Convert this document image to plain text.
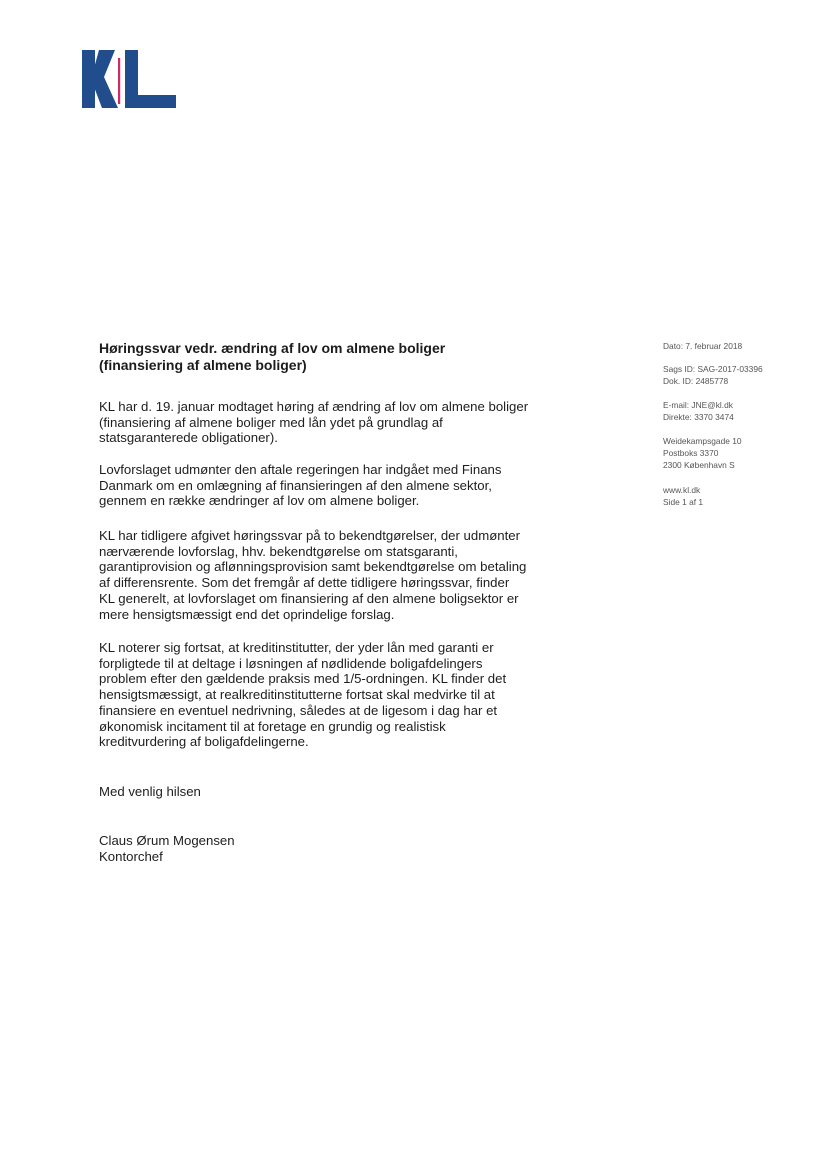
Høringssvar vedr. ændring af lov om almene boliger
(finansiering af almene boliger)
KL har d. 19. januar modtaget høring af ændring af lov om almene boliger
(finansiering af almene boliger med lån ydet på grundlag af
statsgaranterede obligationer).
Lovforslaget udmønter den aftale regeringen har indgået med Finans
Danmark om en omlægning af finansieringen af den almene sektor,
gennem en række ændringer af lov om almene boliger.
KL har tidligere afgivet høringssvar på to bekendtgørelser, der udmønter
nærværende lovforslag, hhv. bekendtgørelse om statsgaranti,
garantiprovision og aflønningsprovision samt bekendtgørelse om betaling
af differensrente. Som det fremgår af dette tidligere høringssvar, finder
KL generelt, at lovforslaget om finansiering af den almene boligsektor er
mere hensigtsmæssigt end det oprindelige forslag.
KL noterer sig fortsat, at kreditinstitutter, der yder lån med garanti er
forpligtede til at deltage i løsningen af nødlidende boligafdelingers
problem efter den gældende praksis med 1/5-ordningen. KL finder det
hensigtsmæssigt, at realkreditinstitutterne fortsat skal medvirke til at
finansiere en eventuel nedrivning, således at de ligesom i dag har et
økonomisk incitament til at foretage en grundig og realistisk
kreditvurdering af boligafdelingerne.
Med venlig hilsen
Claus Ørum Mogensen
Kontorchef
Dato: 7. februar 2018
Sags ID: SAG-2017-03396
Dok. ID: 2485778
E-mail: JNE@kl.dk
Direkte: 3370 3474
Weidekampsgade 10
Postboks 3370
2300 København S
www.kl.dk
Side 1 af 1
